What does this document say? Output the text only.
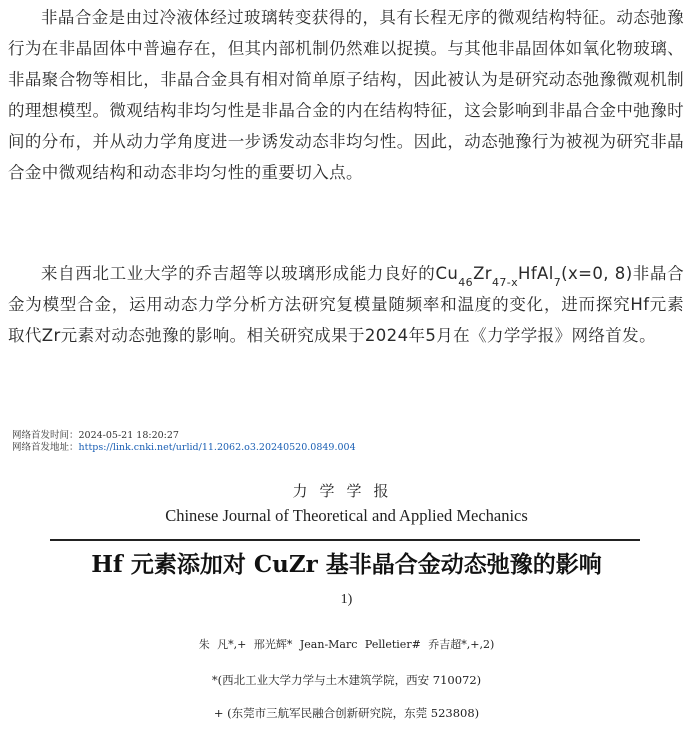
非晶合金是由过冷液体经过玻璃转变获得的，具有长程无序的微观结构特征。动态弛豫行为在非晶固体中普遍存在，但其内部机制仍然难以捉摸。与其他非晶固体如氧化物玻璃、非晶聚合物等相比，非晶合金具有相对简单原子结构，因此被认为是研究动态弛豫微观机制的理想模型。微观结构非均匀性是非晶合金的内在结构特征，这会影响到非晶合金中弛豫时间的分布，并从动力学角度进一步诱发动态非均匀性。因此，动态弛豫行为被视为研究非晶合金中微观结构和动态非均匀性的重要切入点。
来自西北工业大学的乔吉超等以玻璃形成能力良好的$Cu_{46}Zr_{47-x}HfAl_7(x=0$, 8)非晶合金为模型合金，运用动态力学分析方法研究复模量随频率和温度的变化，进而探究Hf元素取代Zr元素对动态弛豫的影响。相关研究成果于2024年5月在《力学学报》网络首发。
网络首发时间：2024-05-21 18:20:27
网络首发地址：https://link.cnki.net/urlid/11.2062.o3.20240520.0849.004
力学学报
Chinese Journal of Theoretical and Applied Mechanics
Hf 元素添加对 CuZr 基非晶合金动态弛豫的影响
1)
朱 凡*,+ 邢光辉* Jean-Marc Pelletier# 乔吉超*,+,2)
*(西北工业大学力学与土木建筑学院，西安 710072)
+ (东莞市三航军民融合创新研究院，东莞 523808)
